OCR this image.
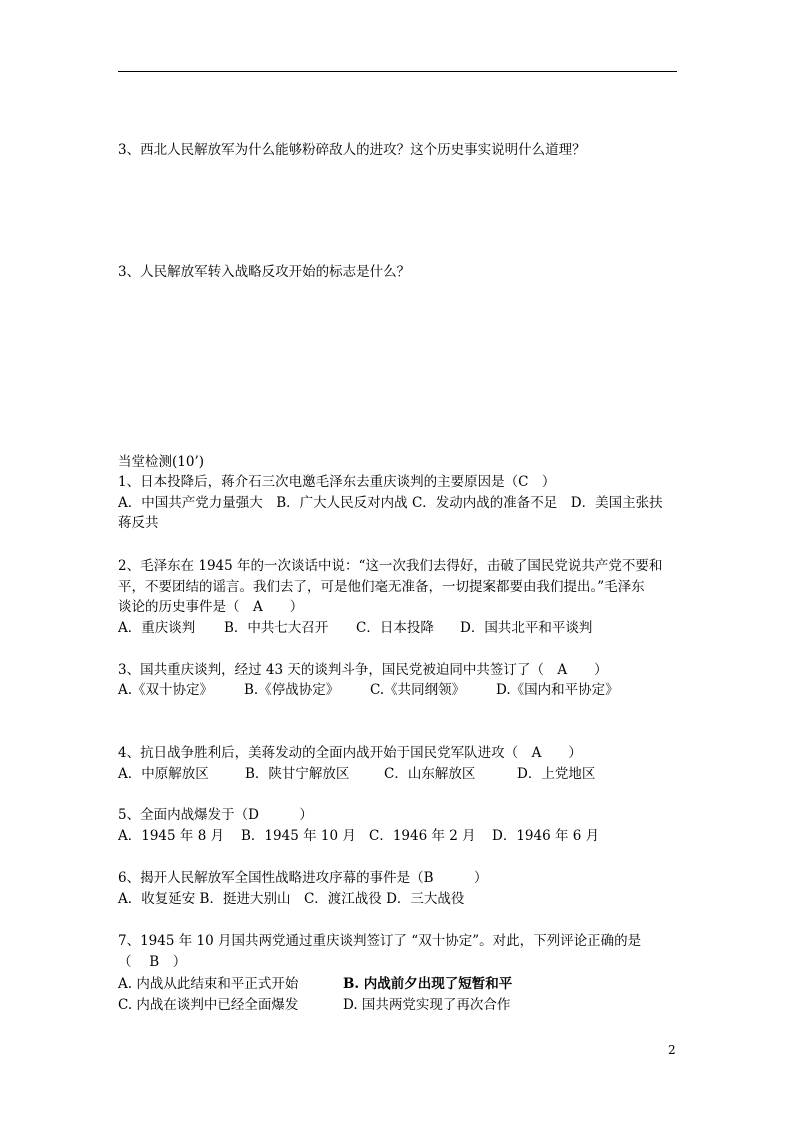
3、西北人民解放军为什么能够粉碎敌人的进攻？这个历史事实说明什么道理？
3、人民解放军转入战略反攻开始的标志是什么？
当堂检测(10’)
1、日本投降后，蒋介石三次电邀毛泽东去重庆谈判的主要原因是（C　）
A．中国共产党力量强大　B．广大人民反对内战 C．发动内战的准备不足　D．美国主张扶
蒋反共
2、毛泽东在 1945 年的一次谈话中说：“这一次我们去得好，击破了国民党说共产党不要和
平，不要团结的谣言。我们去了，可是他们毫无准备，一切提案都要由我们提出。”毛泽东
谈论的历史事件是（　A　　）
A．重庆谈判 B．中共七大召开 C．日本投降 D．国共北平和平谈判
3、国共重庆谈判，经过 43 天的谈判斗争，国民党被迫同中共签订了（　A　　）
A.《双十协定》 B.《停战协定》 C.《共同纲领》 D.《国内和平协定》
4、抗日战争胜利后，美蒋发动的全面内战开始于国民党军队进攻（　A　　）
A．中原解放区	B．陕甘宁解放区	C．山东解放区	D．上党地区
5、全面内战爆发于（D　　　）
A．1945 年 8 月 B．1945 年 10 月 C．1946 年 2 月 D．1946 年 6 月
6、揭开人民解放军全国性战略进攻序幕的事件是（B　　　）
A．收复延安 B．挺进大别山　C．渡江战役 D．三大战役
7、1945 年 10 月国共两党通过重庆谈判签订了 “双十协定”。对此，下列评论正确的是
（　 B　）
A. 内战从此结束和平正式开始	B. 内战前夕出现了短暂和平
C. 内战在谈判中已经全面爆发	D. 国共两党实现了再次合作
2
